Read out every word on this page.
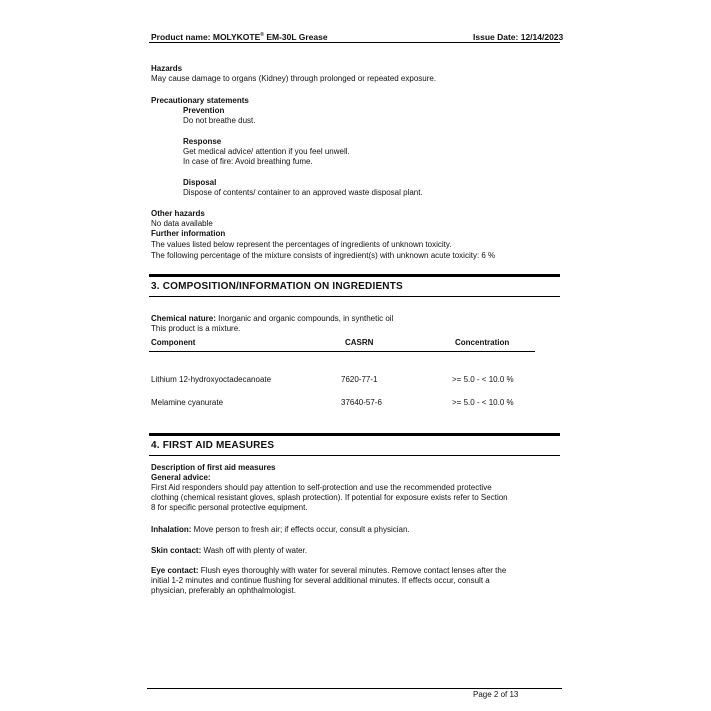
Product name: MOLYKOTE® EM-30L Grease	Issue Date: 12/14/2023
Hazards
May cause damage to organs (Kidney) through prolonged or repeated exposure.
Precautionary statements
Prevention
Do not breathe dust.
Response
Get medical advice/ attention if you feel unwell.
In case of fire: Avoid breathing fume.
Disposal
Dispose of contents/ container to an approved waste disposal plant.
Other hazards
No data available
Further information
The values listed below represent the percentages of ingredients of unknown toxicity.
The following percentage of the mixture consists of ingredient(s) with unknown acute toxicity: 6 %
3. COMPOSITION/INFORMATION ON INGREDIENTS
Chemical nature: Inorganic and organic compounds, in synthetic oil
This product is a mixture.
Component	CASRN	Concentration
Lithium 12-hydroxyoctadecanoate	7620-77-1	>= 5.0 - < 10.0 %
Melamine cyanurate	37640-57-6	>= 5.0 - < 10.0 %
4. FIRST AID MEASURES
Description of first aid measures
General advice:
First Aid responders should pay attention to self-protection and use the recommended protective
clothing (chemical resistant gloves, splash protection). If potential for exposure exists refer to Section
8 for specific personal protective equipment.
Inhalation: Move person to fresh air; if effects occur, consult a physician.
Skin contact: Wash off with plenty of water.
Eye contact: Flush eyes thoroughly with water for several minutes. Remove contact lenses after the
initial 1-2 minutes and continue flushing for several additional minutes. If effects occur, consult a
physician, preferably an ophthalmologist.
Page 2 of 13
